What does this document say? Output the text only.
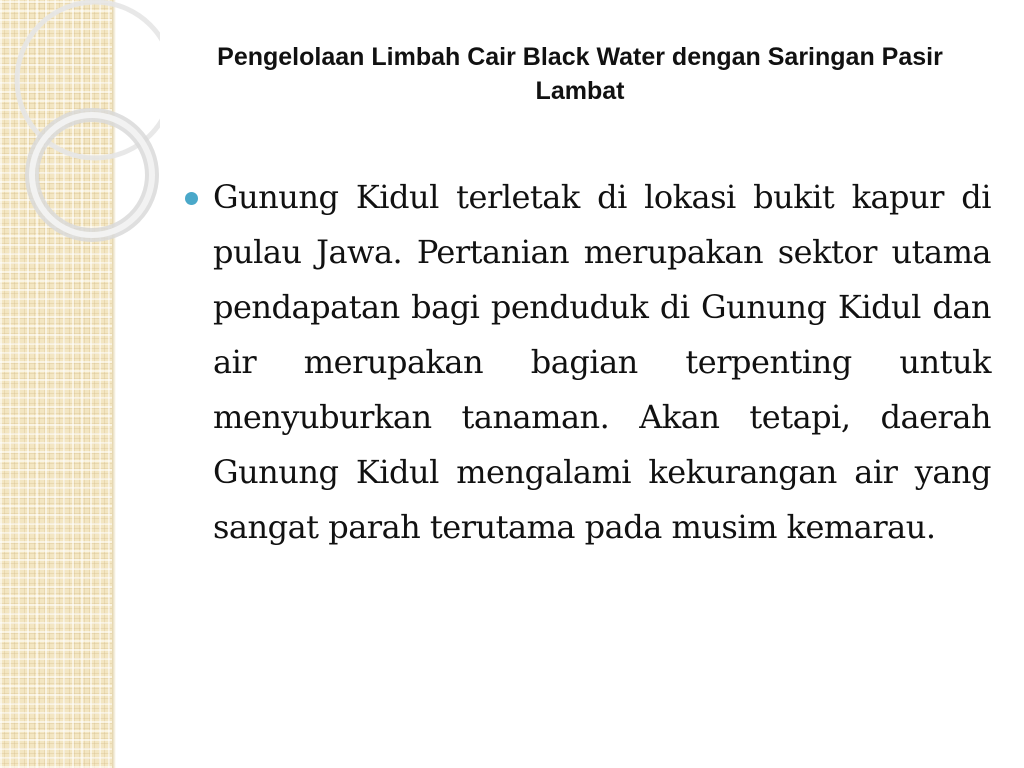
Pengelolaan Limbah Cair Black Water dengan Saringan Pasir Lambat
Gunung Kidul terletak di lokasi bukit kapur di pulau Jawa. Pertanian merupakan sektor utama pendapatan bagi penduduk di Gunung Kidul dan air merupakan bagian terpenting untuk menyuburkan tanaman. Akan tetapi, daerah Gunung Kidul mengalami kekurangan air yang sangat parah terutama pada musim kemarau.
